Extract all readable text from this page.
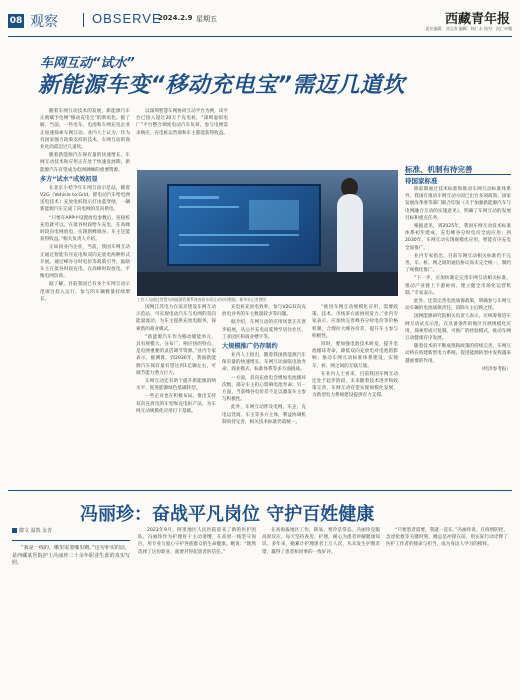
08 观察	OBSERVE
2024.2.9 星期五	西藏青年报
责任编辑：刘文涛 编辑：杨仁永 校对：次仁卓嘎
车网互动“试水”
新能源车变“移动充电宝”需迈几道坎

随着车网互动技术的发展，新能源汽车正被赋予电网“移动充电宝”的新角色。据了解，当前，一些电车、电池和车网充电企业正加速探索车网互动。业内人士认为，作为有国家强力政策支持的技术，车网互动的商业化尚需迈过几道坎。

随着新能源汽车保有量的快速增长，车网互动技术和应用正在处于快速发展期，新能源汽车有望成为电网调峰的重要资源。

多方“试水”成效初显

在北京小桔今年车网互动示范站，随着V2G（Vehicle to Grid，即电动汽车给电网送电技术）充放电桩指示灯由蓝变绿，一辆新能源汽车完成了向电网的反向供电。

“只要在APP中设置放电参数后，连接桩充电就可以。在低谷时段给车充电，在高峰时段向电网放电，实现削峰填谷。车主还能获得收益。”相关负责人介绍。

正如同业内企业，当前，我国车网互动正通过智能有序充电和双向充放电两种形式开展。通过峰谷分时电价等政策引导，鼓励车主在低谷时段充电、在高峰时段放电，平衡电网负荷。

据了解，目前我国已有多个车网互动示范项目投入运行，参与的车辆数量持续增长。

以深圳智慧车网协同互动平台为例，该平台已接入超过20万个充电桩，“深圳虚拟电厂”平台整合调度电动汽车负荷，参与电网需求响应，充电桩运营商和车主都能获得收益。

国网江苏电力在南京建设车网互动示范站，可实现电动汽车与电网的双向能量流动，为车主提供充放电服务，探索新的商业模式。

“新能源汽车作为移动储能单元，具有规模大、分布广、响应快的特点，是电网重要的灵活调节资源。”业内专家表示，据测算，到2030年，我国新能源汽车保有量有望达到1亿辆左右，可调节能力潜力巨大。

车网互动还有助于提升新能源消纳水平，促进能源绿色低碳转型。

一些企业也在积极布局，推出支持双向充放电的车型和充电桩产品，为车网互动规模化应用打下基础。

工作人员通过智慧车网能源管理系统查看车网互动实时数据。新华社记者供图

充电桩充放电效率、参与V2G双向充放电业务的车主数量较少等问题。

据介绍，车网互动的应用场景正在逐步拓展，从公共充电站延伸至居住社区、工业园区和商业楼宇等。

大规模推广仍存制约

业内人士指出，随着我国新能源汽车保有量的快速增长，车网互动面临电池寿命、商业模式、标准体系等多方面挑战。

一方面，双向充放电会增加电池循环次数，部分车主担心影响电池寿命；另一方面，当前峰谷电价差不足以激发车主参与积极性。

此外，车网互动涉及电网、车企、充电运营商、车主等多方主体，利益协调机制尚待完善，相关技术标准仍需统一。

“推进车网互动规模化应用，需要政策、技术、市场多方面协同发力。”业内专家表示，应加快完善峰谷分时电价等价格机制，合理拉大峰谷价差，提升车主参与积极性。

同时，要加强电池技术研发，提升电池循环寿命，降低双向充放电对电池的影响；推动车网互动标准体系建设，实现车、桩、网之间的互联互通。

在业内人士看来，目前我国车网互动还处于起步阶段，未来随着技术进步和政策完善，车网互动有望实现规模化发展，为新型电力系统建设提供有力支撑。

标准、机制有待完善
待国家标准

除前期通过技术标准和推动车网互动标准体系外，我国在推动车网互动方面已出台多项政策。国家发展改革委等部门联合印发《关于加强新能源汽车与电网融合互动的实施意见》，明确了车网互动的发展目标和重点任务。

根据意见，到2025年，我国车网互动技术标准体系初步建成，充电峰谷分时电价全面应用；到2030年，车网互动实现规模化应用，智能有序充电全面推广。

业内专家指出，目前车网互动相关标准仍不完善，车、桩、网之间的通信协议尚未完全统一，制约了规模化推广。

“下一步，应加快制定完善车网互动相关标准，推动产业链上下游协同，建立健全市场化运营机制。”专家表示。

此外，还需完善电池质保政策，明确参与车网互动车辆的电池质保责任，消除车主后顾之忧。

国网能源研究院相关负责人表示，应统筹推进车网互动试点示范，在具备条件的地区开展规模化应用，探索形成可复制、可推广的经验模式，推动车网互动健康有序发展。

随着技术的不断成熟和政策的持续完善，车网互动将在构建新型电力系统、促进能源转型中发挥越来越重要的作用。

（经济参考报）

冯丽珍：奋战平凡岗位 守护百姓健康
微文 温凯 永青

“我是一线的，哪里需要哪里跑。”这句朴实的话，是西藏某医院护士冯丽珍二十余年职业生涯的真实写照。

2023年9月，阿里地区人民医院迎来了新的医护团队。冯丽珍作为护理骨干主动请缨，在高原一线坚守岗位，用专业与爱心守护各族群众的生命健康。她说：“既然选择了这份职业，就要对得起患者的信任。”

在高海拔地区工作，缺氧、寒冷是常态。冯丽珍克服高原反应，每天坚持查房、护理，耐心为患者讲解健康知识。多年来，她累计护理患者上万人次，从未发生护理差错，赢得了患者和同事的一致好评。

“只要患者需要，我就一直在。”冯丽珍说。在疫情防控、急诊抢救等关键时刻，她总是冲锋在前，用实际行动诠释了医护工作者的使命与担当，成为身边人学习的榜样。
